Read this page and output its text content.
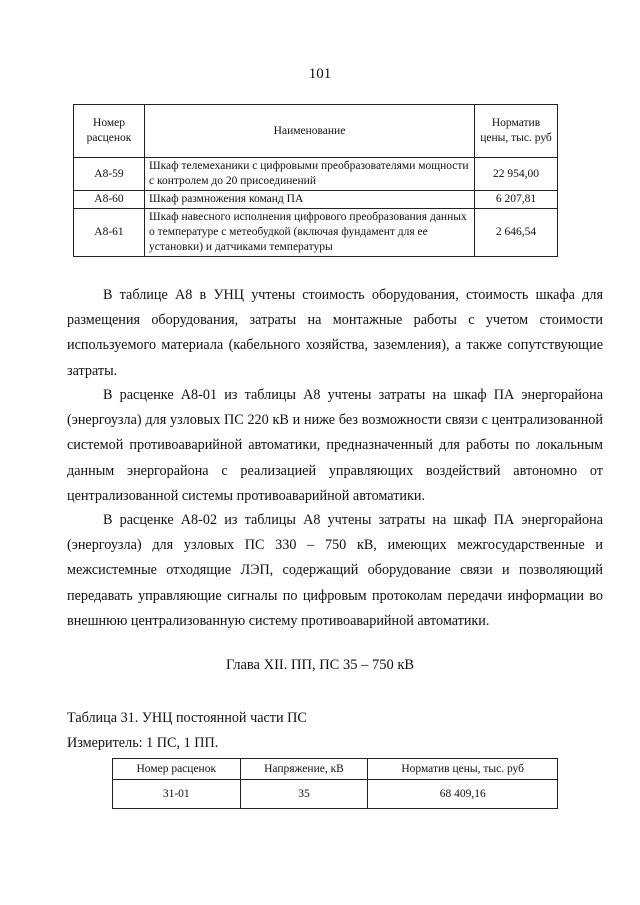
101
Номер расценок	Наименование	Норматив цены, тыс. руб
А8-59	Шкаф телемеханики с цифровыми преобразователями мощности с контролем до 20 присоединений	22 954,00
А8-60	Шкаф размножения команд ПА	6 207,81
А8-61	Шкаф навесного исполнения цифрового преобразования данных о температуре с метеобудкой (включая фундамент для ее установки) и датчиками температуры	2 646,54

В таблице А8 в УНЦ учтены стоимость оборудования, стоимость шкафа для размещения оборудования, затраты на монтажные работы с учетом стоимости используемого материала (кабельного хозяйства, заземления), а также сопутствующие затраты.

В расценке А8-01 из таблицы А8 учтены затраты на шкаф ПА энергорайона (энергоузла) для узловых ПС 220 кВ и ниже без возможности связи с централизованной системой противоаварийной автоматики, предназначенный для работы по локальным данным энергорайона с реализацией управляющих воздействий автономно от централизованной системы противоаварийной автоматики.

В расценке А8-02 из таблицы А8 учтены затраты на шкаф ПА энергорайона (энергоузла) для узловых ПС 330 – 750 кВ, имеющих межгосударственные и межсистемные отходящие ЛЭП, содержащий оборудование связи и позволяющий передавать управляющие сигналы по цифровым протоколам передачи информации во внешнюю централизованную систему противоаварийной автоматики.

Глава XII. ПП, ПС 35 – 750 кВ
Таблица 31. УНЦ постоянной части ПС
Измеритель: 1 ПС, 1 ПП.
Номер расценок	Напряжение, кВ	Норматив цены, тыс. руб
31-01	35	68 409,16
